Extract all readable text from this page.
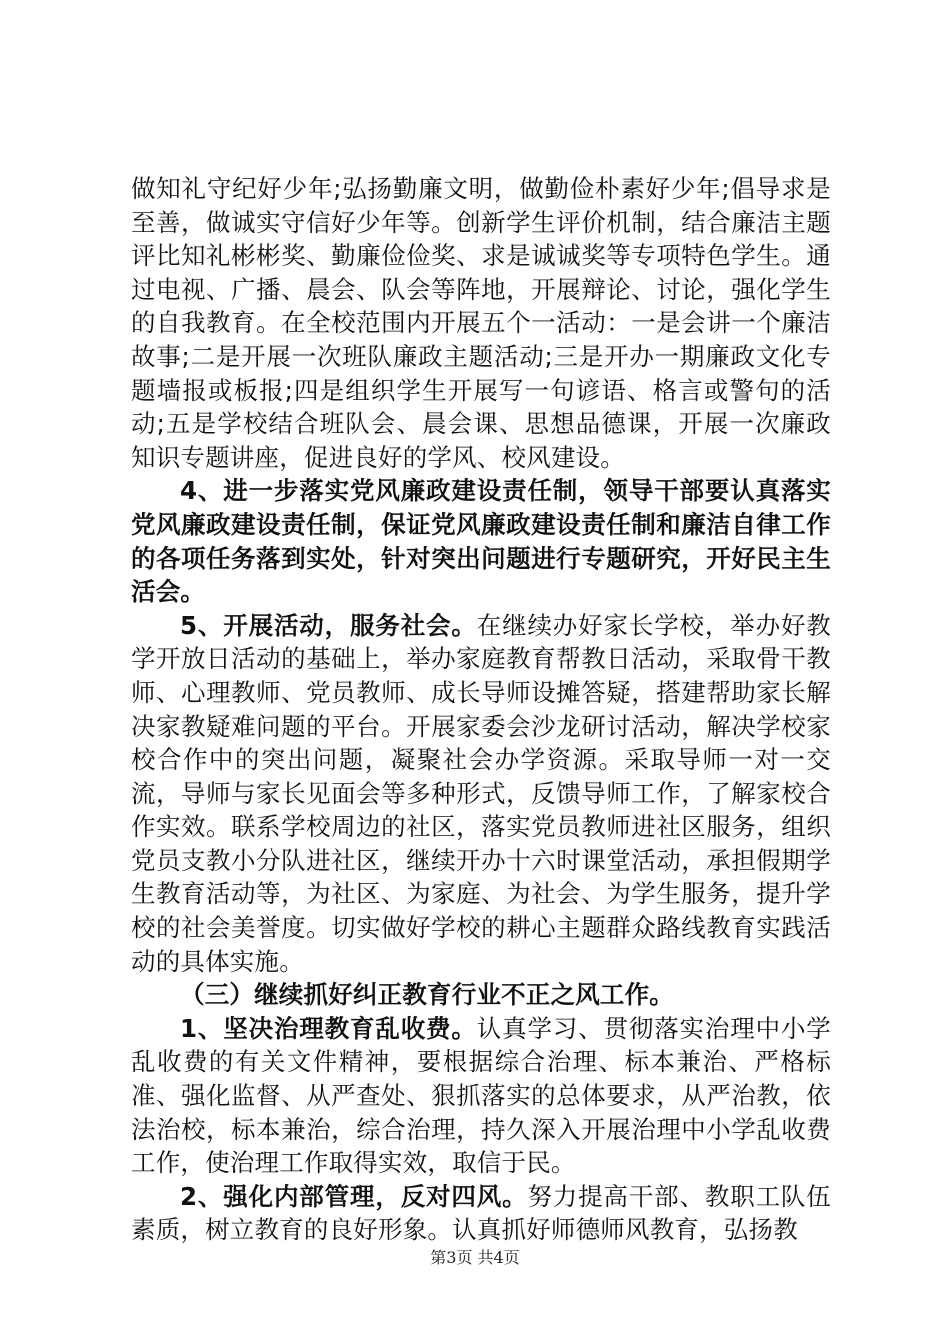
做知礼守纪好少年;弘扬勤廉文明，做勤俭朴素好少年;倡导求是至善，做诚实守信好少年等。创新学生评价机制，结合廉洁主题评比知礼彬彬奖、勤廉俭俭奖、求是诚诚奖等专项特色学生。通过电视、广播、晨会、队会等阵地，开展辩论、讨论，强化学生的自我教育。在全校范围内开展五个一活动：一是会讲一个廉洁故事;二是开展一次班队廉政主题活动;三是开办一期廉政文化专题墙报或板报;四是组织学生开展写一句谚语、格言或警句的活动;五是学校结合班队会、晨会课、思想品德课，开展一次廉政知识专题讲座，促进良好的学风、校风建设。

4、进一步落实党风廉政建设责任制，领导干部要认真落实党风廉政建设责任制，保证党风廉政建设责任制和廉洁自律工作的各项任务落到实处，针对突出问题进行专题研究，开好民主生活会。

5、开展活动，服务社会。在继续办好家长学校，举办好教学开放日活动的基础上，举办家庭教育帮教日活动，采取骨干教师、心理教师、党员教师、成长导师设摊答疑，搭建帮助家长解决家教疑难问题的平台。开展家委会沙龙研讨活动，解决学校家校合作中的突出问题，凝聚社会办学资源。采取导师一对一交流，导师与家长见面会等多种形式，反馈导师工作，了解家校合作实效。联系学校周边的社区，落实党员教师进社区服务，组织党员支教小分队进社区，继续开办十六时课堂活动，承担假期学生教育活动等，为社区、为家庭、为社会、为学生服务，提升学校的社会美誉度。切实做好学校的耕心主题群众路线教育实践活动的具体实施。

（三）继续抓好纠正教育行业不正之风工作。

1、坚决治理教育乱收费。认真学习、贯彻落实治理中小学乱收费的有关文件精神，要根据综合治理、标本兼治、严格标准、强化监督、从严查处、狠抓落实的总体要求，从严治教，依法治校，标本兼治，综合治理，持久深入开展治理中小学乱收费工作，使治理工作取得实效，取信于民。

2、强化内部管理，反对四风。努力提高干部、教职工队伍素质，树立教育的良好形象。认真抓好师德师风教育，弘扬教

第3页 共4页
